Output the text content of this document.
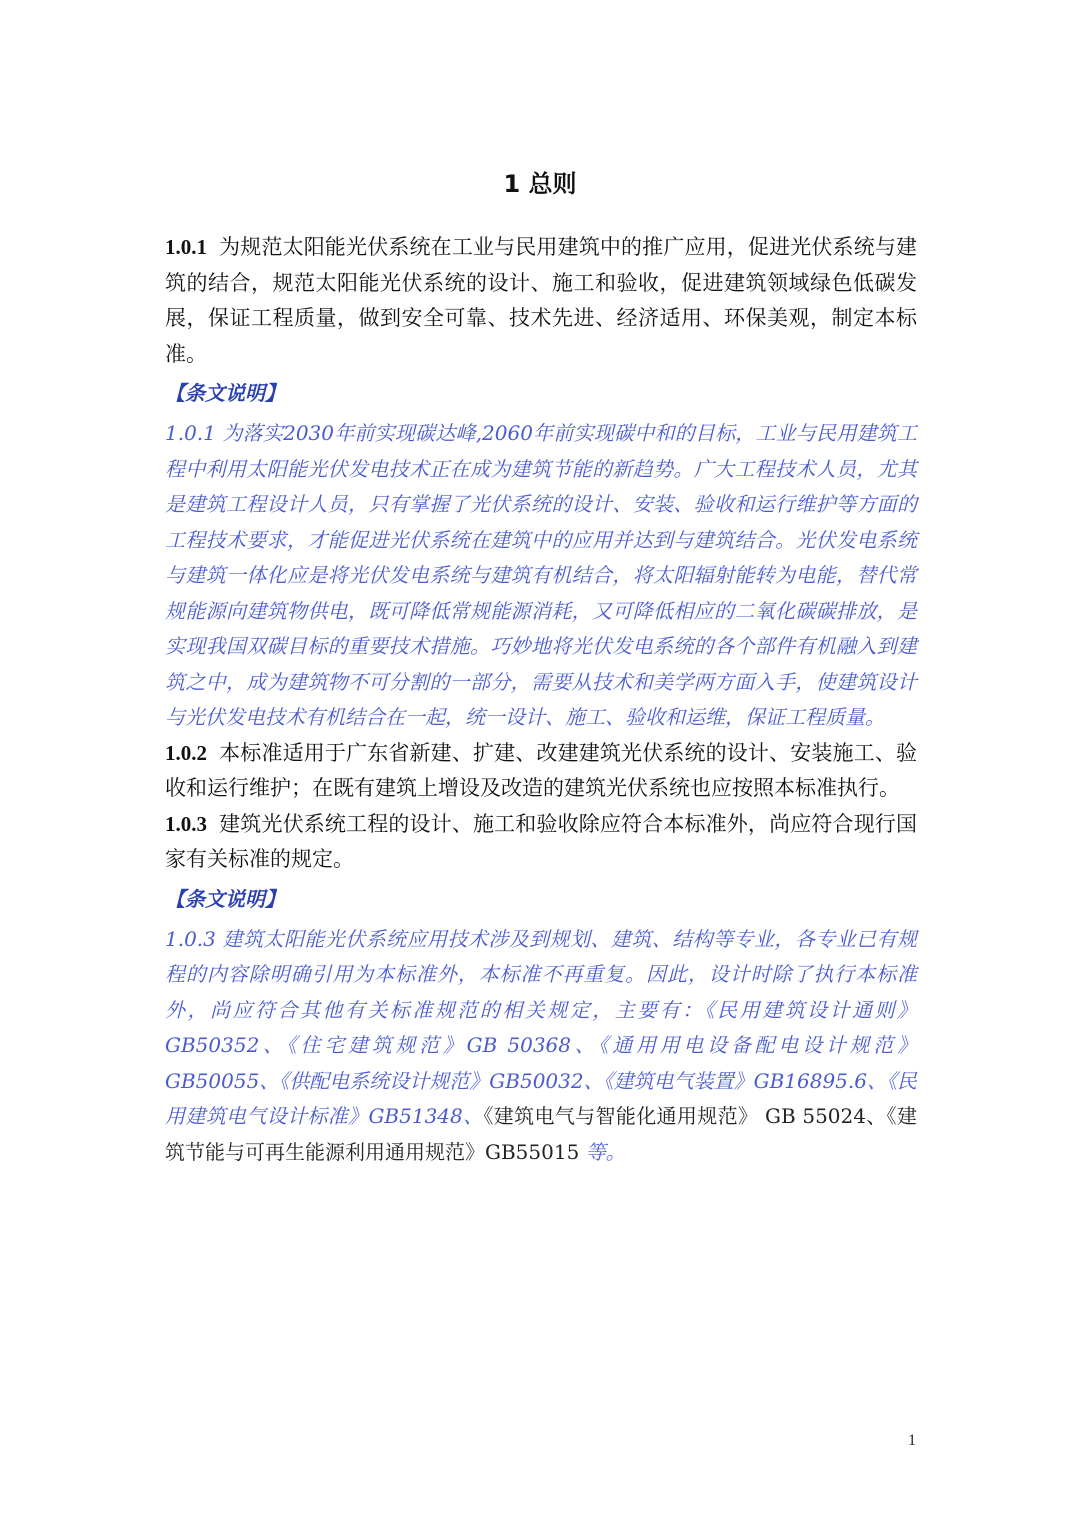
1 总则

1.0.1 为规范太阳能光伏系统在工业与民用建筑中的推广应用，促进光伏系统与建筑的结合，规范太阳能光伏系统的设计、施工和验收，促进建筑领域绿色低碳发展，保证工程质量，做到安全可靠、技术先进、经济适用、环保美观，制定本标准。

【条文说明】

1.0.1 为落实2030年前实现碳达峰,2060年前实现碳中和的目标，工业与民用建筑工程中利用太阳能光伏发电技术正在成为建筑节能的新趋势。广大工程技术人员，尤其是建筑工程设计人员，只有掌握了光伏系统的设计、安装、验收和运行维护等方面的工程技术要求，才能促进光伏系统在建筑中的应用并达到与建筑结合。光伏发电系统与建筑一体化应是将光伏发电系统与建筑有机结合，将太阳辐射能转为电能，替代常规能源向建筑物供电，既可降低常规能源消耗，又可降低相应的二氧化碳碳排放，是实现我国双碳目标的重要技术措施。巧妙地将光伏发电系统的各个部件有机融入到建筑之中，成为建筑物不可分割的一部分，需要从技术和美学两方面入手，使建筑设计与光伏发电技术有机结合在一起，统一设计、施工、验收和运维，保证工程质量。

1.0.2 本标准适用于广东省新建、扩建、改建建筑光伏系统的设计、安装施工、验收和运行维护；在既有建筑上增设及改造的建筑光伏系统也应按照本标准执行。

1.0.3 建筑光伏系统工程的设计、施工和验收除应符合本标准外，尚应符合现行国家有关标准的规定。

【条文说明】

1.0.3 建筑太阳能光伏系统应用技术涉及到规划、建筑、结构等专业，各专业已有规程的内容除明确引用为本标准外，本标准不再重复。因此，设计时除了执行本标准外，尚应符合其他有关标准规范的相关规定，主要有：《民用建筑设计通则》GB50352、《住宅建筑规范》GB 50368、《通用用电设备配电设计规范》GB50055、《供配电系统设计规范》GB50032、《建筑电气装置》GB16895.6、《民用建筑电气设计标准》GB51348、《建筑电气与智能化通用规范》 GB 55024、《建筑节能与可再生能源利用通用规范》GB55015 等。

1
